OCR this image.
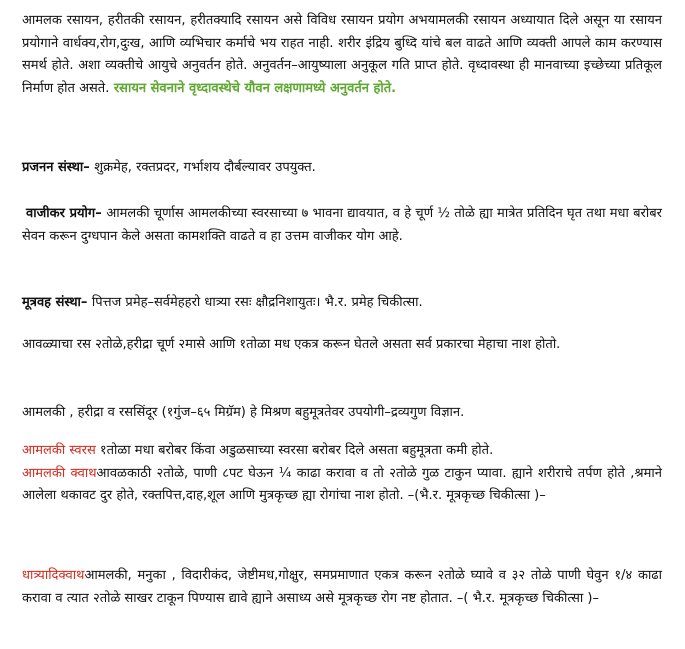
आमलक रसायन, हरीतकी रसायन, हरीतक्यादि रसायन असे विविध रसायन प्रयोग अभयामलकी रसायन अध्यायात दिले असून या रसायन प्रयोगाने वार्धक्य,रोग,दुःख, आणि व्यभिचार कर्माचे भय राहत नाही. शरीर इंद्रिय बुध्दि यांचे बल वाढते आणि व्यक्ती आपले काम करण्यास समर्थ होते. अशा व्यक्तीचे आयुचे अनुवर्तन होते. अनुवर्तन–आयुष्याला अनुकूल गति प्राप्त होते. वृध्दावस्था ही मानवाच्या इच्छेच्या प्रतिकूल निर्माण होत असते. रसायन सेवनाने वृध्दावस्थेचे यौवन लक्षणामध्ये अनुवर्तन होते.

प्रजनन संस्था– शुक्रमेह, रक्तप्रदर, गर्भाशय दौर्बल्यावर उपयुक्त.

वाजीकर प्रयोग– आमलकी चूर्णास आमलकीच्या स्वरसाच्या ७ भावना द्यावयात, व हे चूर्ण ½ तोळे ह्या मात्रेत प्रतिदिन घृत तथा मधा बरोबर सेवन करून दुग्धपान केले असता कामशक्ति वाढते व हा उत्तम वाजीकर योग आहे.

मूत्रवह संस्था– पित्तज प्रमेह–सर्वमेहहरो धात्र्या रसः क्षौद्रनिशायुतः। भै.र. प्रमेह चिकीत्सा.

आवळ्याचा रस २तोळे,हरीद्रा चूर्ण २मासे आणि १तोळा मध एकत्र करून घेतले असता सर्व प्रकारचा मेहाचा नाश होतो.

आमलकी , हरीद्रा व रससिंदूर (१गुंज–६५ मिग्रॅम) हे मिश्रण बहुमूत्रतेवर उपयोगी–द्रव्यगुण विज्ञान.

आमलकी स्वरस १तोळा मधा बरोबर किंवा अडुळसाच्या स्वरसा बरोबर दिले असता बहुमूत्रता कमी होते.
आमलकी क्वाथआवळकाठी २तोळे, पाणी ८पट घेऊन ¼ काढा करावा व तो २तोळे गुळ टाकुन प्यावा. ह्याने शरीराचे तर्पण होते ,श्रमाने आलेला थकावट दुर होते, रक्तपित्त,दाह,शूल आणि मुत्रकृच्छ ह्या रोगांचा नाश होतो. –(भै.र. मूत्रकृच्छ चिकीत्सा )–

धात्र्यादिक्वाथआमलकी, मनुका , विदारीकंद, जेष्टीमध,गोक्षुर, समप्रमाणात एकत्र करून २तोळे घ्यावे व ३२ तोळे पाणी घेवुन १/४ काढा करावा व त्यात २तोळे साखर टाकून पिण्यास द्यावे ह्याने असाध्य असे मूत्रकृच्छ रोग नष्ट होतात. –( भै.र. मूत्रकृच्छ चिकीत्सा )–
